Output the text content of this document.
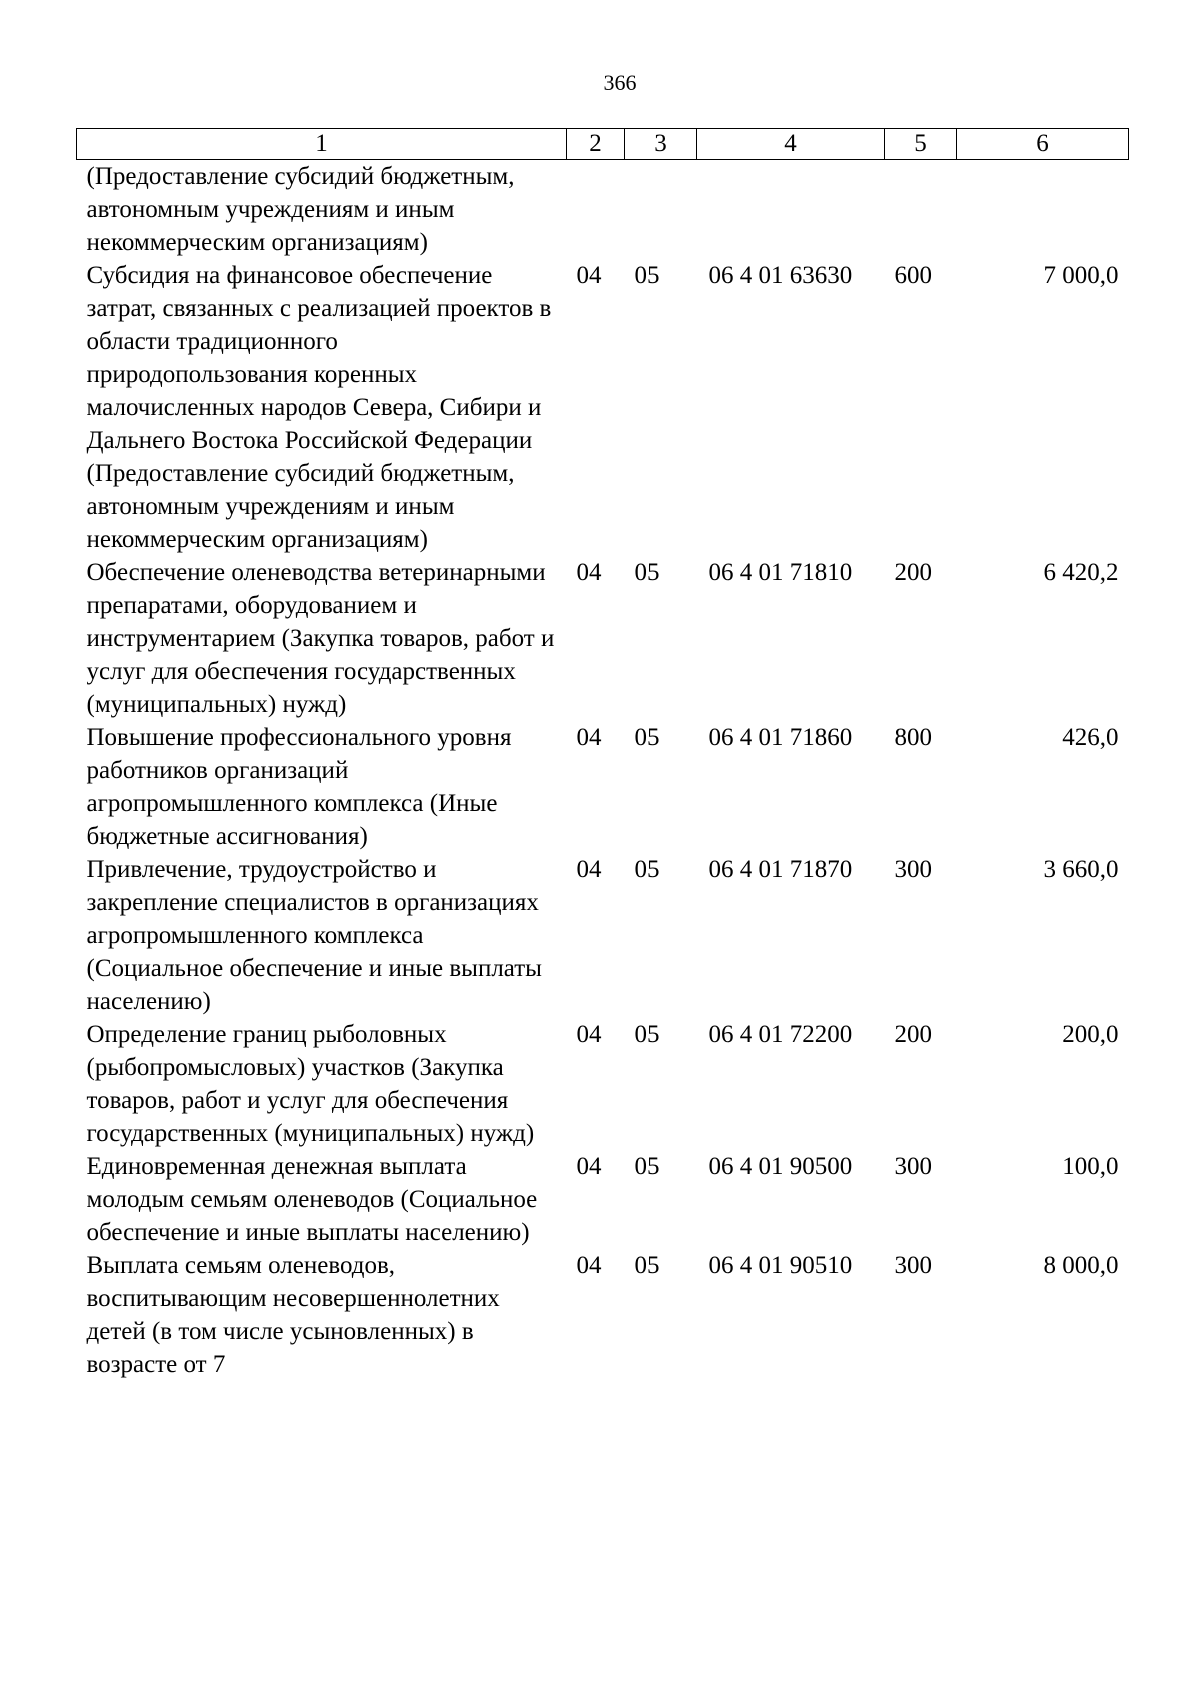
366
1	2	3	4	5	6
(Предоставление субсидий бюджетным, автономным учреждениям и иным некоммерческим организациям)					
Субсидия на финансовое обеспечение затрат, связанных с реализацией проектов в области традиционного природопользования коренных малочисленных народов Севера, Сибири и Дальнего Востока Российской Федерации (Предоставление субсидий бюджетным, автономным учреждениям и иным некоммерческим организациям)	04	05	06 4 01 63630	600	7 000,0
Обеспечение оленеводства ветеринарными препаратами, оборудованием и инструментарием (Закупка товаров, работ и услуг для обеспечения государственных (муниципальных) нужд)	04	05	06 4 01 71810	200	6 420,2
Повышение профессионального уровня работников организаций агропромышленного комплекса (Иные бюджетные ассигнования)	04	05	06 4 01 71860	800	426,0
Привлечение, трудоустройство и закрепление специалистов в организациях агропромышленного комплекса (Социальное обеспечение и иные выплаты населению)	04	05	06 4 01 71870	300	3 660,0
Определение границ рыболовных (рыбопромысловых) участков (Закупка товаров, работ и услуг для обеспечения государственных (муниципальных) нужд)	04	05	06 4 01 72200	200	200,0
Единовременная денежная выплата молодым семьям оленеводов (Социальное обеспечение и иные выплаты населению)	04	05	06 4 01 90500	300	100,0
Выплата семьям оленеводов, воспитывающим несовершеннолетних детей (в том числе усыновленных) в возрасте от 7	04	05	06 4 01 90510	300	8 000,0
